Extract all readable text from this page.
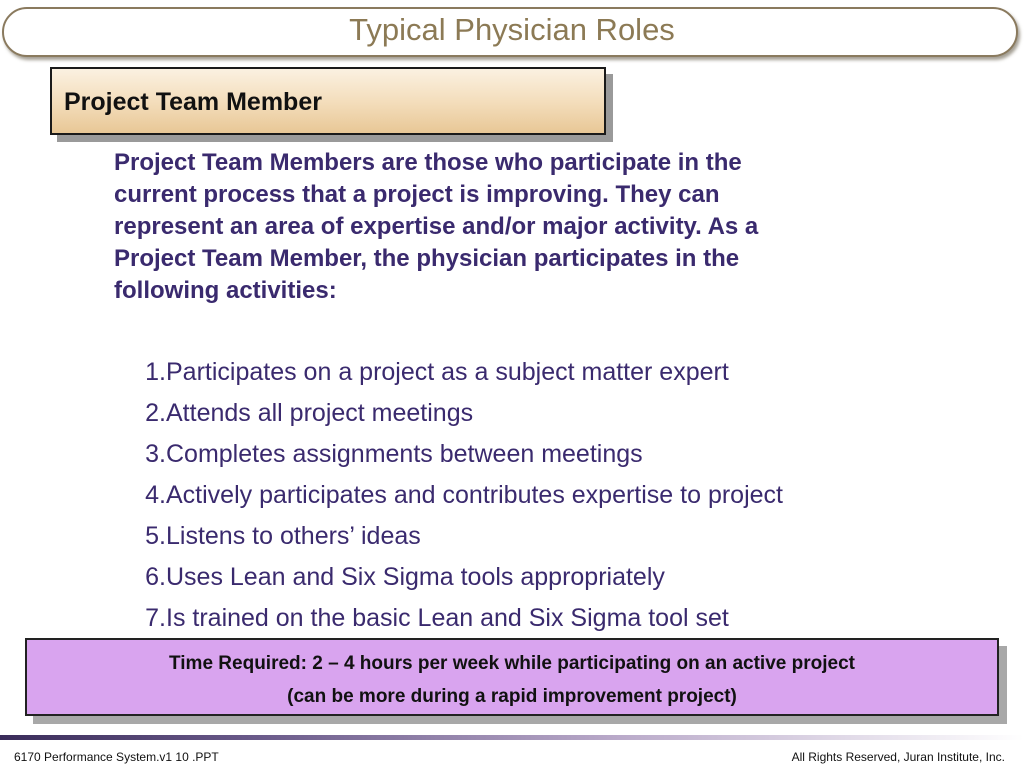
Typical Physician Roles
Project Team Member
Project Team Members are those who participate in the
current process that a project is improving. They can
represent an area of expertise and/or major activity. As a
Project Team Member, the physician participates in the
following activities:
1. Participates on a project as a subject matter expert
2. Attends all project meetings
3. Completes assignments between meetings
4. Actively participates and contributes expertise to project
5. Listens to others’ ideas
6. Uses Lean and Six Sigma tools appropriately
7. Is trained on the basic Lean and Six Sigma tool set
Time Required: 2 – 4 hours per week while participating on an active project
(can be more during a rapid improvement project)
6170 Performance System.v1 10 .PPT	All Rights Reserved, Juran Institute, Inc.
